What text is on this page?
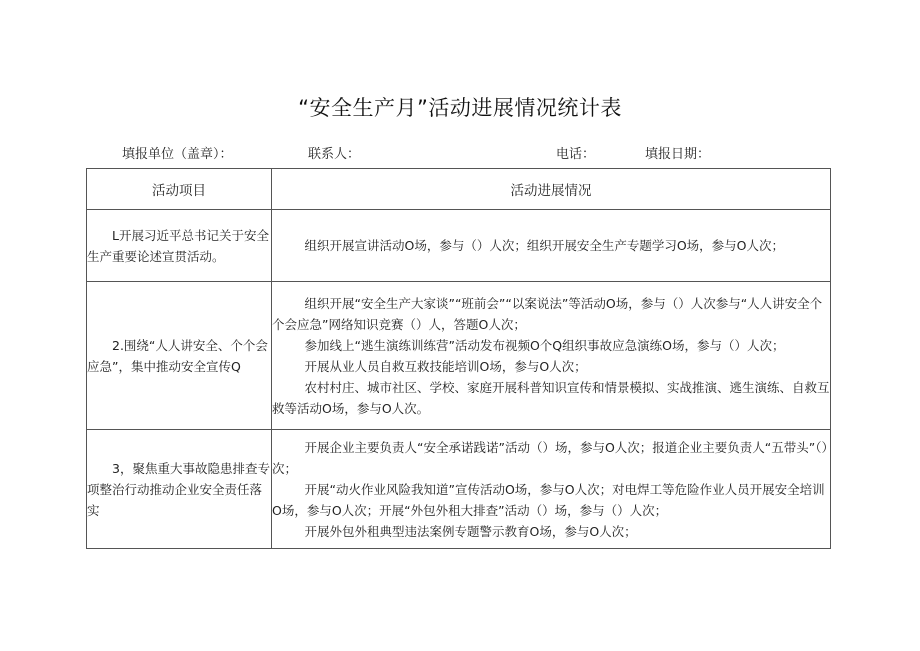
“安全生产月”活动进展情况统计表
填报单位（盖章）：	联系人：	电话：	填报日期：
活动项目	活动进展情况

L开展习近平总书记关于安全生产重要论述宣贯活动。	组织开展宣讲活动O场，参与（）人次；组织开展安全生产专题学习O场，参与O人次；

2.围绕“人人讲安全、个个会应急”，集中推动安全宣传Q	组织开展“安全生产大家谈”“班前会”“以案说法”等活动O场，参与（）人次参与“人人讲安全个个会应急”网络知识竞赛（）人，答题O人次；

参加线上“逃生演练训练营”活动发布视频O个Q组织事故应急演练O场，参与（）人次；

开展从业人员自救互救技能培训O场，参与O人次；

农村村庄、城市社区、学校、家庭开展科普知识宣传和情景模拟、实战推演、逃生演练、自救互救等活动O场，参与O人次。

3，聚焦重大事故隐患排查专项整治行动推动企业安全责任落实	开展企业主要负责人“安全承诺践诺”活动（）场，参与O人次；报道企业主要负责人“五带头”（）次；

开展“动火作业风险我知道”宣传活动O场，参与O人次；对电焊工等危险作业人员开展安全培训O场，参与O人次；开展“外包外租大排查”活动（）场，参与（）人次；

开展外包外租典型违法案例专题警示教育O场，参与O人次；
